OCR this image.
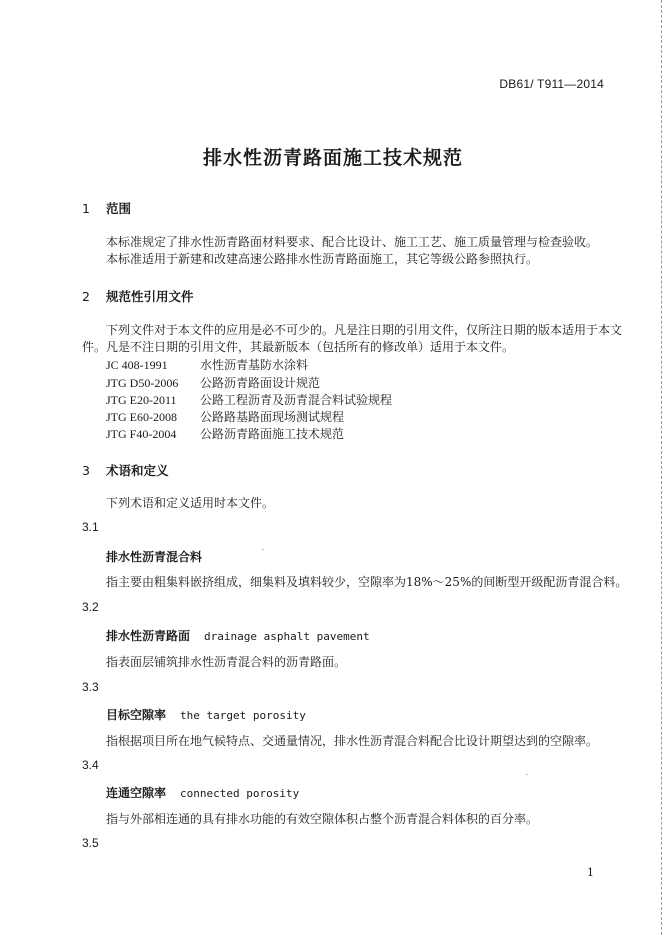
DB61/ T911—2014
排水性沥青路面施工技术规范
1 范围
本标准规定了排水性沥青路面材料要求、配合比设计、施工工艺、施工质量管理与检查验收。
本标准适用于新建和改建高速公路排水性沥青路面施工，其它等级公路参照执行。
2 规范性引用文件
下列文件对于本文件的应用是必不可少的。凡是注日期的引用文件，仅所注日期的版本适用于本文
件。凡是不注日期的引用文件，其最新版本（包括所有的修改单）适用于本文件。
JC 408-1991	水性沥青基防水涂料
JTG D50-2006 公路沥青路面设计规范
JTG E20-2011 公路工程沥青及沥青混合料试验规程
JTG E60-2008 公路路基路面现场测试规程
JTG F40-2004 公路沥青路面施工技术规范
3 术语和定义
下列术语和定义适用时本文件。
3.1
排水性沥青混合料
指主要由粗集料嵌挤组成，细集料及填料较少，空隙率为18%～25%的间断型开级配沥青混合料。
3.2
排水性沥青路面 drainage asphalt pavement
指表面层铺筑排水性沥青混合料的沥青路面。
3.3
目标空隙率 the target porosity
指根据项目所在地气候特点、交通量情况，排水性沥青混合料配合比设计期望达到的空隙率。
3.4
连通空隙率 connected porosity
指与外部相连通的具有排水功能的有效空隙体积占整个沥青混合料体积的百分率。
3.5
1
